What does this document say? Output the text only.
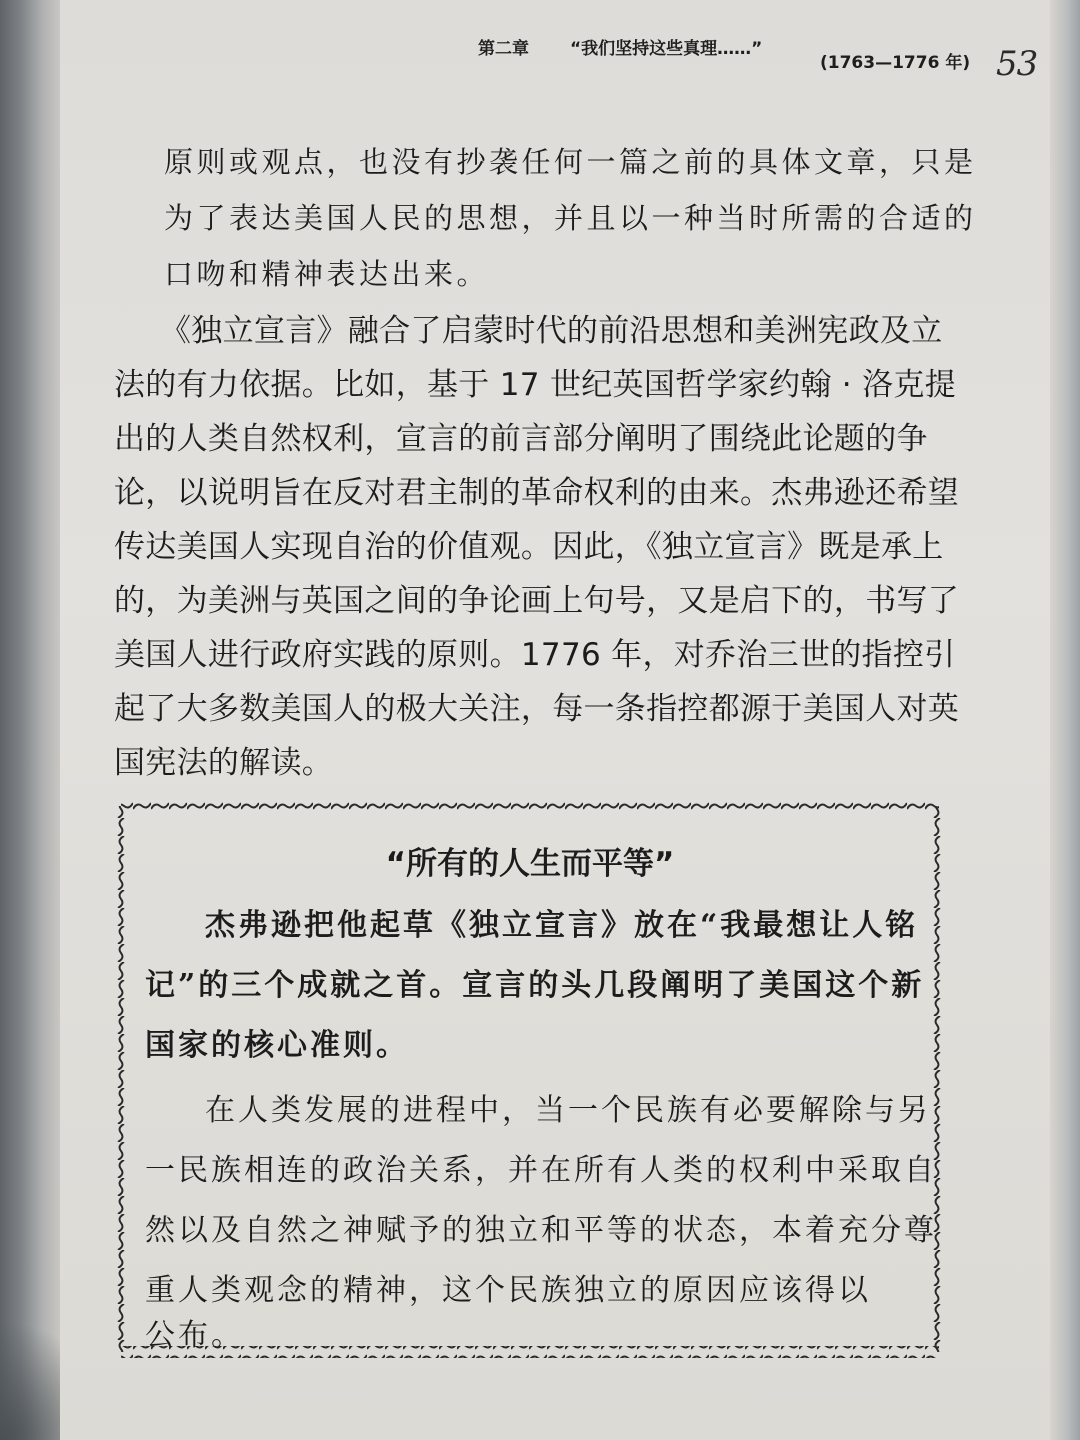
第二章 “我们坚持这些真理……”
(1763—1776 年) 53
原则或观点，也没有抄袭任何一篇之前的具体文章，只是
为了表达美国人民的思想，并且以一种当时所需的合适的
口吻和精神表达出来。
《独立宣言》融合了启蒙时代的前沿思想和美洲宪政及立
法的有力依据。比如，基于 17 世纪英国哲学家约翰 · 洛克提
出的人类自然权利，宣言的前言部分阐明了围绕此论题的争
论，以说明旨在反对君主制的革命权利的由来。杰弗逊还希望
传达美国人实现自治的价值观。因此，《独立宣言》既是承上
的，为美洲与英国之间的争论画上句号，又是启下的，书写了
美国人进行政府实践的原则。1776 年，对乔治三世的指控引
起了大多数美国人的极大关注，每一条指控都源于美国人对英
国宪法的解读。
“所有的人生而平等”
杰弗逊把他起草《独立宣言》放在“我最想让人铭
记”的三个成就之首。宣言的头几段阐明了美国这个新
国家的核心准则。
在人类发展的进程中，当一个民族有必要解除与另
一民族相连的政治关系，并在所有人类的权利中采取自
然以及自然之神赋予的独立和平等的状态，本着充分尊
重人类观念的精神，这个民族独立的原因应该得以
公布。
